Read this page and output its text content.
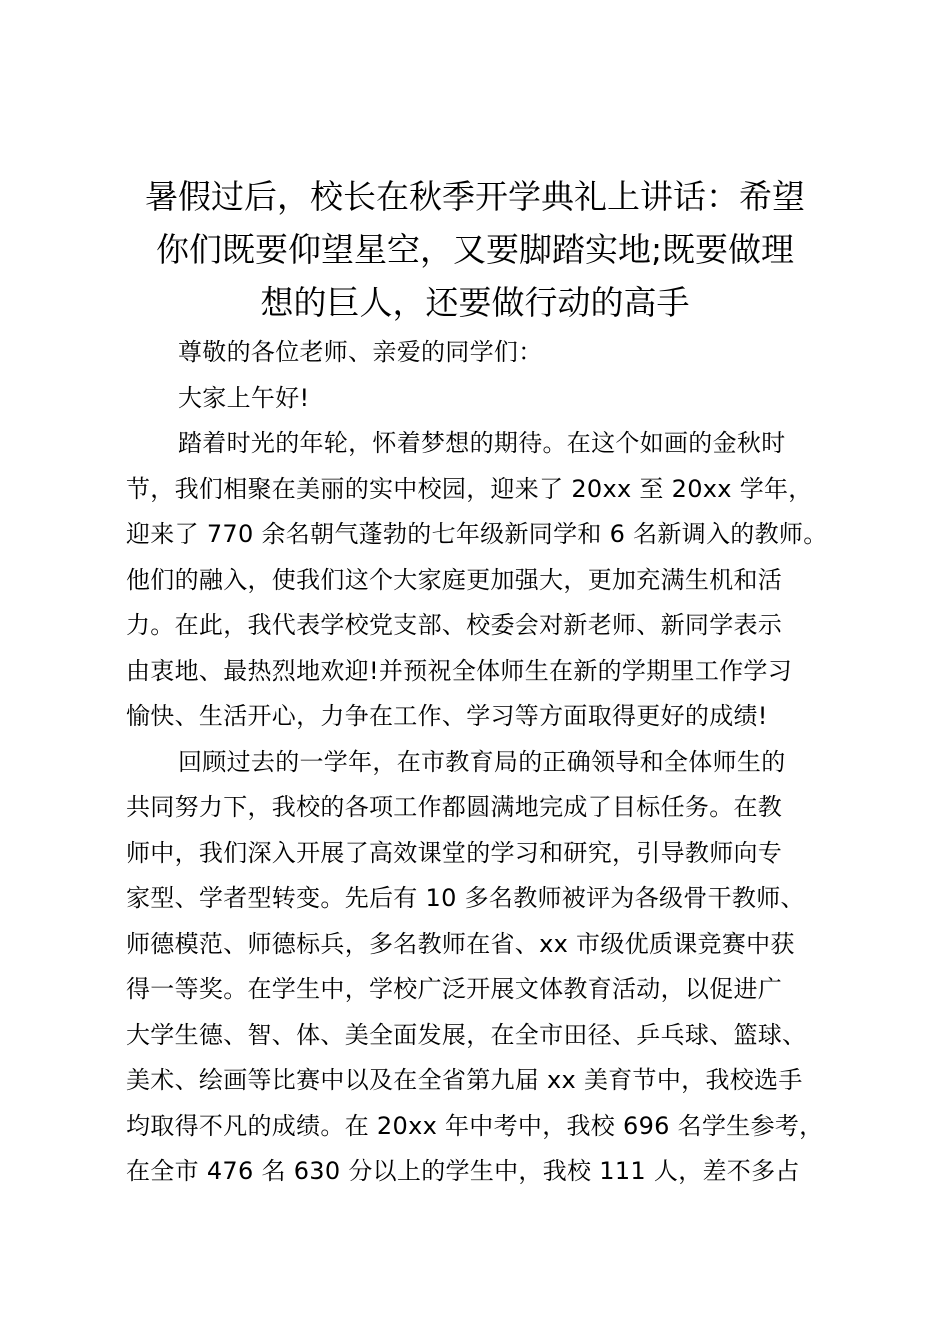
暑假过后，校长在秋季开学典礼上讲话：希望
你们既要仰望星空，又要脚踏实地;既要做理
想的巨人，还要做行动的高手
尊敬的各位老师、亲爱的同学们：
大家上午好!
踏着时光的年轮，怀着梦想的期待。在这个如画的金秋时
节，我们相聚在美丽的实中校园，迎来了 20xx 至 20xx 学年，
迎来了 770 余名朝气蓬勃的七年级新同学和 6 名新调入的教师。
他们的融入，使我们这个大家庭更加强大，更加充满生机和活
力。在此，我代表学校党支部、校委会对新老师、新同学表示
由衷地、最热烈地欢迎!并预祝全体师生在新的学期里工作学习
愉快、生活开心，力争在工作、学习等方面取得更好的成绩!
回顾过去的一学年，在市教育局的正确领导和全体师生的
共同努力下，我校的各项工作都圆满地完成了目标任务。在教
师中，我们深入开展了高效课堂的学习和研究，引导教师向专
家型、学者型转变。先后有 10 多名教师被评为各级骨干教师、
师德模范、师德标兵，多名教师在省、xx 市级优质课竞赛中获
得一等奖。在学生中，学校广泛开展文体教育活动，以促进广
大学生德、智、体、美全面发展，在全市田径、乒乓球、篮球、
美术、绘画等比赛中以及在全省第九届 xx 美育节中，我校选手
均取得不凡的成绩。在 20xx 年中考中，我校 696 名学生参考，
在全市 476 名 630 分以上的学生中，我校 111 人，差不多占
